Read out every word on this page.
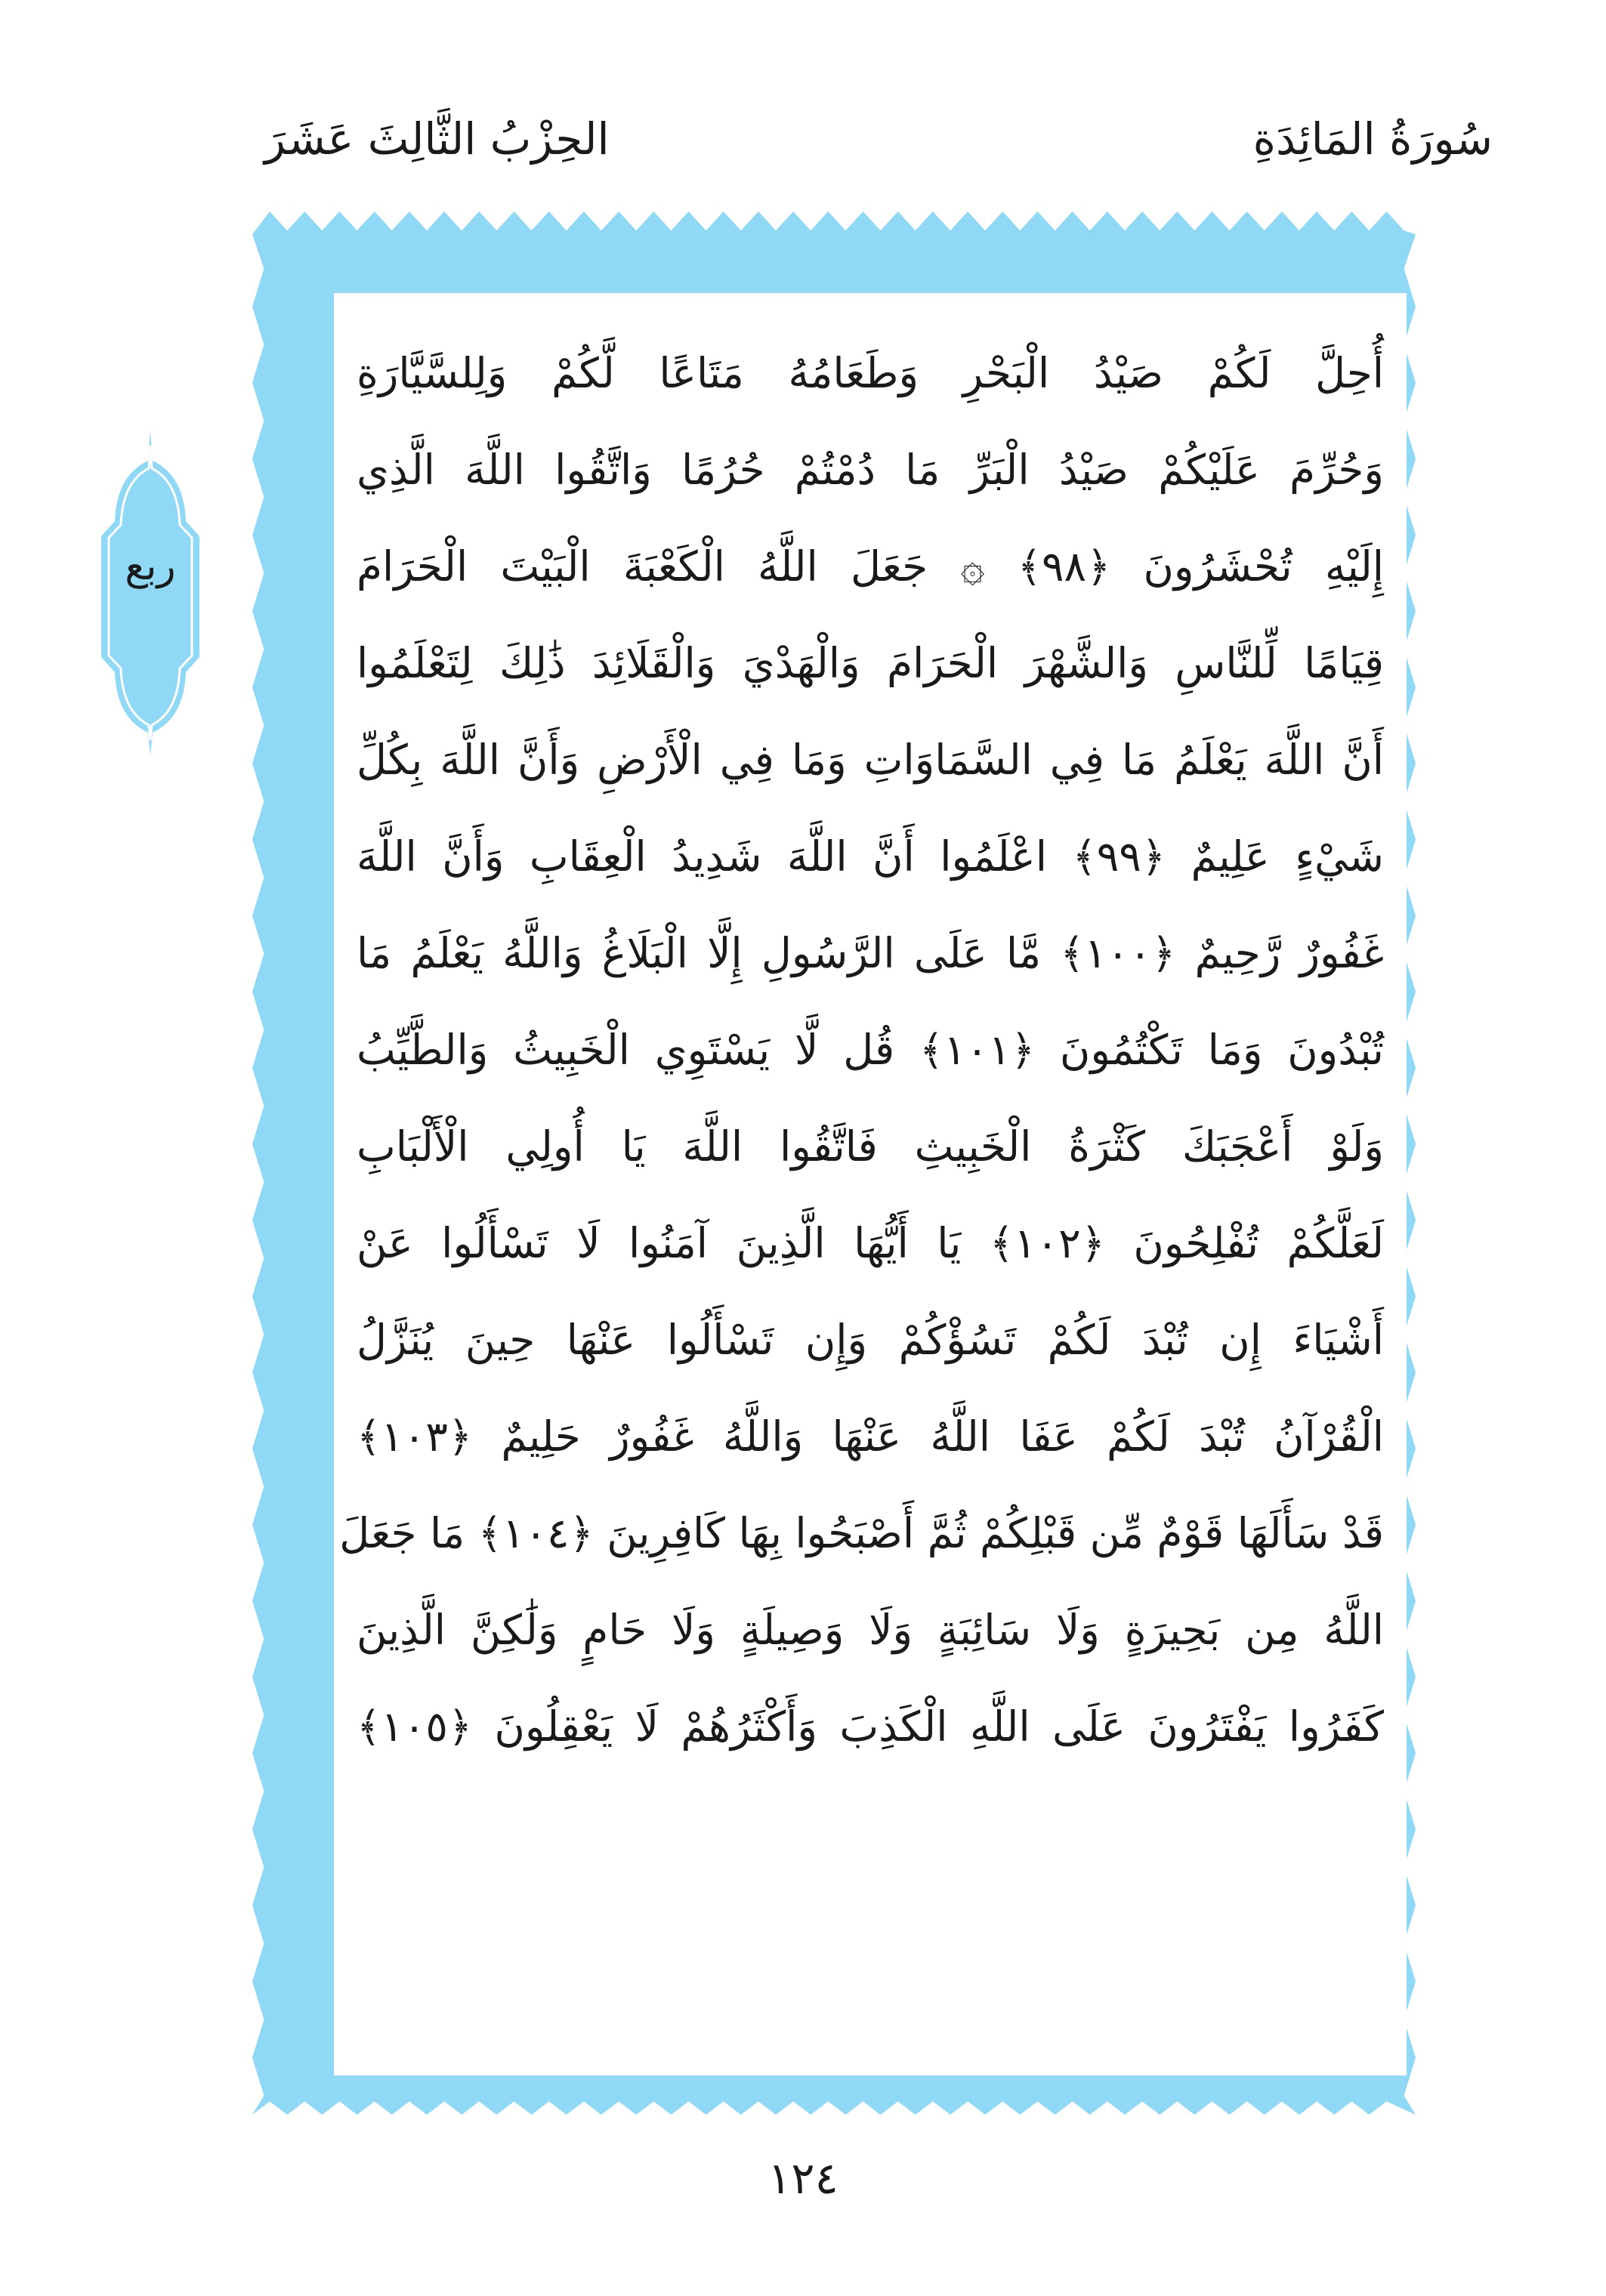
سُورَةُ المَائِدَةِ
الحِزْبُ الثَّالِثَ عَشَرَ
ربع
أُحِلَّ لَكُمْ صَيْدُ الْبَحْرِ وَطَعَامُهُ مَتَاعًا لَّكُمْ وَلِلسَّيَّارَةِ
وَحُرِّمَ عَلَيْكُمْ صَيْدُ الْبَرِّ مَا دُمْتُمْ حُرُمًا وَاتَّقُوا اللَّهَ الَّذِي
إِلَيْهِ تُحْشَرُونَ ﴿٩٨﴾ ۞ جَعَلَ اللَّهُ الْكَعْبَةَ الْبَيْتَ الْحَرَامَ
قِيَامًا لِّلنَّاسِ وَالشَّهْرَ الْحَرَامَ وَالْهَدْيَ وَالْقَلَائِدَ ذَٰلِكَ لِتَعْلَمُوا
أَنَّ اللَّهَ يَعْلَمُ مَا فِي السَّمَاوَاتِ وَمَا فِي الْأَرْضِ وَأَنَّ اللَّهَ بِكُلِّ
شَيْءٍ عَلِيمٌ ﴿٩٩﴾ اعْلَمُوا أَنَّ اللَّهَ شَدِيدُ الْعِقَابِ وَأَنَّ اللَّهَ
غَفُورٌ رَّحِيمٌ ﴿١٠٠﴾ مَّا عَلَى الرَّسُولِ إِلَّا الْبَلَاغُ وَاللَّهُ يَعْلَمُ مَا
تُبْدُونَ وَمَا تَكْتُمُونَ ﴿١٠١﴾ قُل لَّا يَسْتَوِي الْخَبِيثُ وَالطَّيِّبُ
وَلَوْ أَعْجَبَكَ كَثْرَةُ الْخَبِيثِ فَاتَّقُوا اللَّهَ يَا أُولِي الْأَلْبَابِ
لَعَلَّكُمْ تُفْلِحُونَ ﴿١٠٢﴾ يَا أَيُّهَا الَّذِينَ آمَنُوا لَا تَسْأَلُوا عَنْ
أَشْيَاءَ إِن تُبْدَ لَكُمْ تَسُؤْكُمْ وَإِن تَسْأَلُوا عَنْهَا حِينَ يُنَزَّلُ
الْقُرْآنُ تُبْدَ لَكُمْ عَفَا اللَّهُ عَنْهَا وَاللَّهُ غَفُورٌ حَلِيمٌ ﴿١٠٣﴾
قَدْ سَأَلَهَا قَوْمٌ مِّن قَبْلِكُمْ ثُمَّ أَصْبَحُوا بِهَا كَافِرِينَ ﴿١٠٤﴾ مَا جَعَلَ
اللَّهُ مِن بَحِيرَةٍ وَلَا سَائِبَةٍ وَلَا وَصِيلَةٍ وَلَا حَامٍ وَلَٰكِنَّ الَّذِينَ
كَفَرُوا يَفْتَرُونَ عَلَى اللَّهِ الْكَذِبَ وَأَكْثَرُهُمْ لَا يَعْقِلُونَ ﴿١٠٥﴾
١٢٤
